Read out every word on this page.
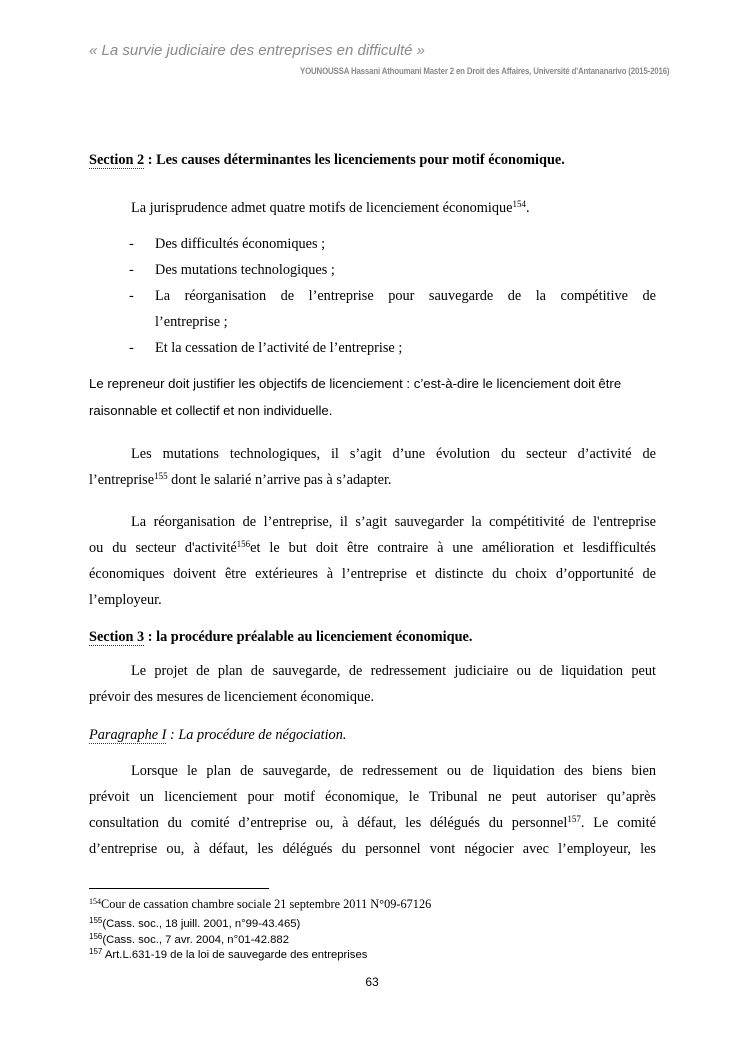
« La survie judiciaire des entreprises en difficulté »
YOUNOUSSA Hassani Athoumani Master 2 en Droit des Affaires, Université d'Antananarivo (2015-2016)
Section 2 : Les causes déterminantes les licenciements pour motif économique.
La jurisprudence admet quatre motifs de licenciement économique$^{154}$.
- Des difficultés économiques ;
- Des mutations technologiques ;
- La réorganisation de l’entreprise pour sauvegarde de la compétitive de
l’entreprise ;
- Et la cessation de l’activité de l’entreprise ;
Le repreneur doit justifier les objectifs de licenciement : c’est-à-dire le licenciement doit être
raisonnable et collectif et non individuelle.
Les mutations technologiques, il s’agit d’une évolution du secteur d’activité de
l’entreprise$^{155}$ dont le salarié n’arrive pas à s’adapter.
La réorganisation de l’entreprise, il s’agit sauvegarder la compétitivité de l'entreprise
ou du secteur d'activité$^{156}$et le but doit être contraire à une amélioration et lesdifficultés
économiques doivent être extérieures à l’entreprise et distincte du choix d’opportunité de
l’employeur.
Section 3 : la procédure préalable au licenciement économique.
Le projet de plan de sauvegarde, de redressement judiciaire ou de liquidation peut
prévoir des mesures de licenciement économique.
Paragraphe I : La procédure de négociation.
Lorsque le plan de sauvegarde, de redressement ou de liquidation des biens bien
prévoit un licenciement pour motif économique, le Tribunal ne peut autoriser qu’après
consultation du comité d’entreprise ou, à défaut, les délégués du personnel$^{157}$. Le comité
d’entreprise ou, à défaut, les délégués du personnel vont négocier avec l’employeur, les
$^{154}$Cour de cassation chambre sociale 21 septembre 2011 N°09-67126
$^{155}$(Cass. soc., 18 juill. 2001, n°99-43.465)
$^{156}$(Cass. soc., 7 avr. 2004, n°01-42.882
$^{157}$ Art.L.631-19 de la loi de sauvegarde des entreprises
63
